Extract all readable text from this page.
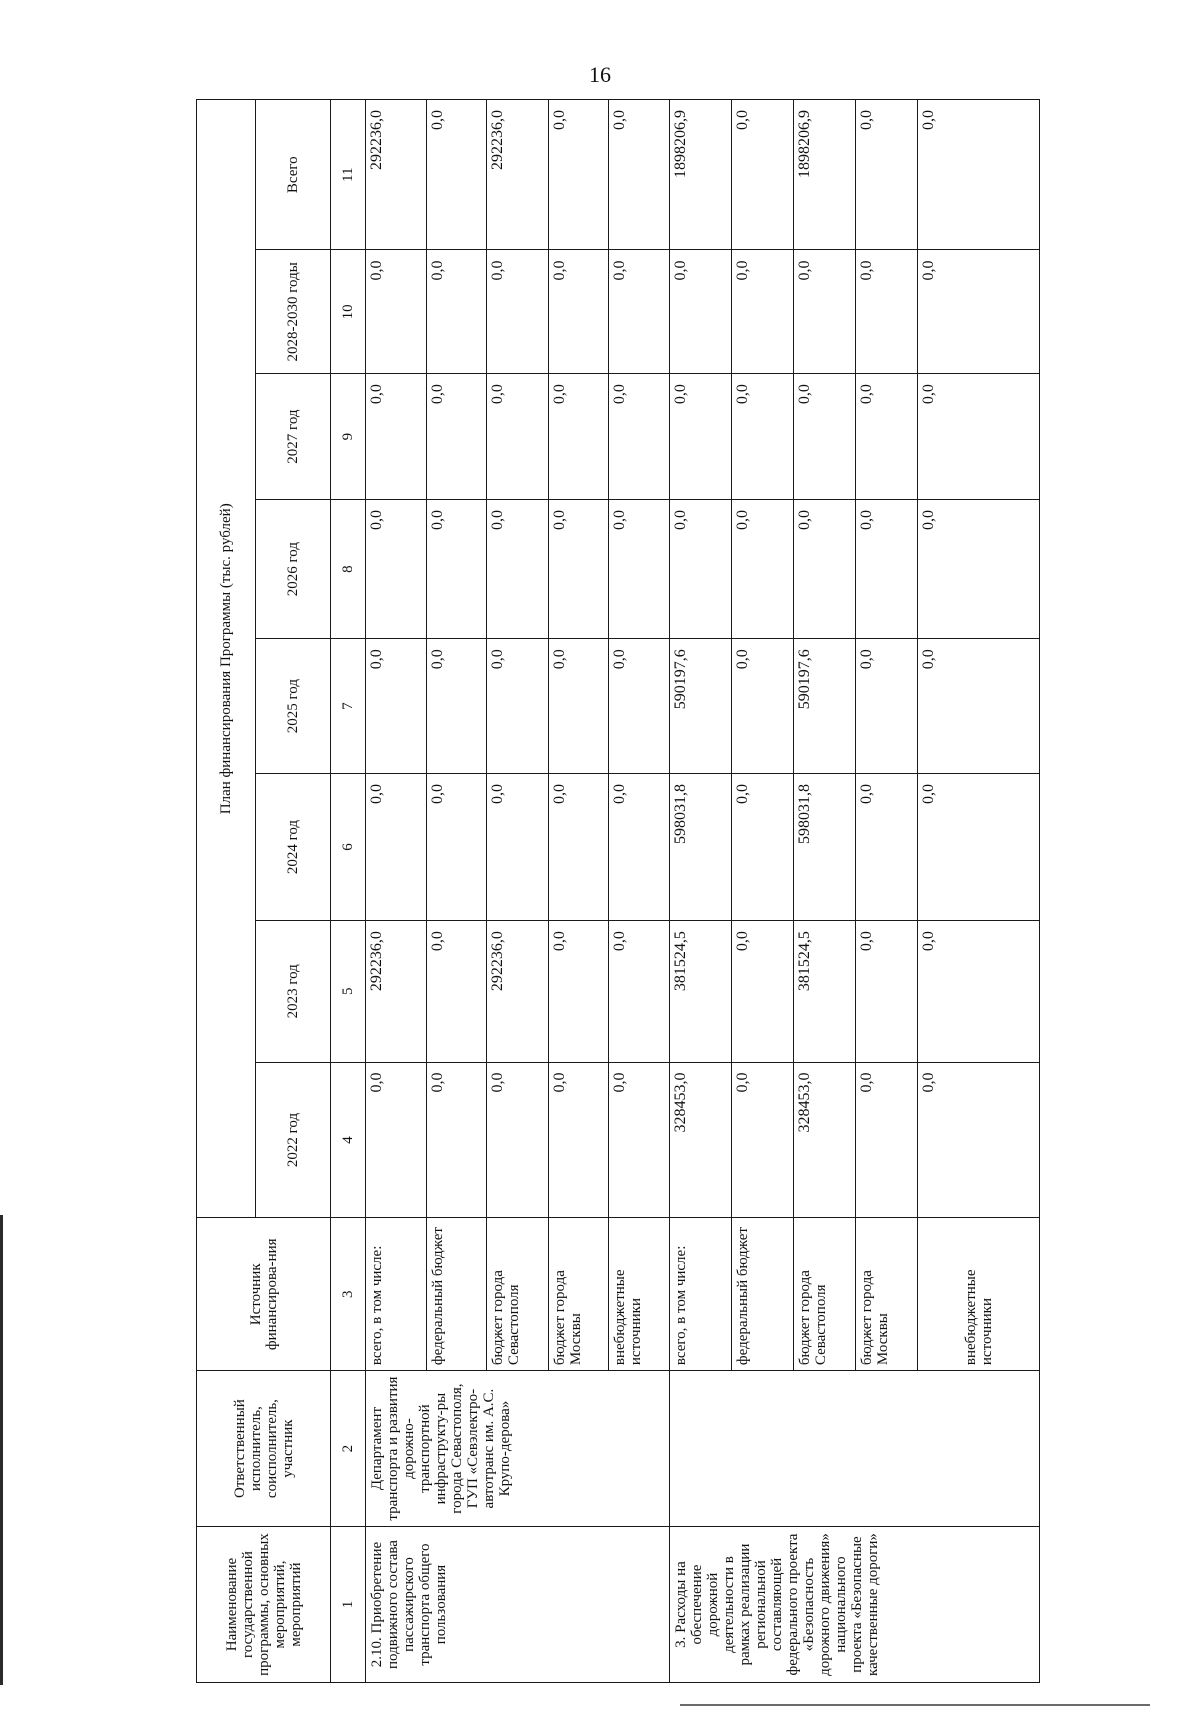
16
Наименование государственной программы, основных мероприятий, мероприятий	Ответственный исполнитель, соисполнитель, участник	Источник финансирова-ния	План финансирования Программы (тыс. рублей)							
			2022 год	2023 год	2024 год	2025 год	2026 год	2027 год	2028-2030 годы	Всего
1	2	3	4	5	6	7	8	9	10	11
2.10. Приобретение подвижного состава пассажирского транспорта общего пользования	Департамент транспорта и развития дорожно-транспортной инфраструкту-ры города Севастополя, ГУП «Севэлектро-автотранс им. А.С. Крупо-дерова»	всего, в том числе:	0,0	292236,0	0,0	0,0	0,0	0,0	0,0	292236,0
		федеральный бюджет	0,0	0,0	0,0	0,0	0,0	0,0	0,0	0,0
		бюджет города Севастополя	0,0	292236,0	0,0	0,0	0,0	0,0	0,0	292236,0
		бюджет города Москвы	0,0	0,0	0,0	0,0	0,0	0,0	0,0	0,0
		внебюджетные источники	0,0	0,0	0,0	0,0	0,0	0,0	0,0	0,0
3. Расходы на обеспечение дорожной деятельности в рамках реализации региональной составляющей федерального проекта «Безопасность дорожного движения» национального проекта «Безопасные качественные дороги»		всего, в том числе:	328453,0	381524,5	598031,8	590197,6	0,0	0,0	0,0	1898206,9
		федеральный бюджет	0,0	0,0	0,0	0,0	0,0	0,0	0,0	0,0
		бюджет города Севастополя	328453,0	381524,5	598031,8	590197,6	0,0	0,0	0,0	1898206,9
		бюджет города Москвы	0,0	0,0	0,0	0,0	0,0	0,0	0,0	0,0
		внебюджетные источники	0,0	0,0	0,0	0,0	0,0	0,0	0,0	0,0
